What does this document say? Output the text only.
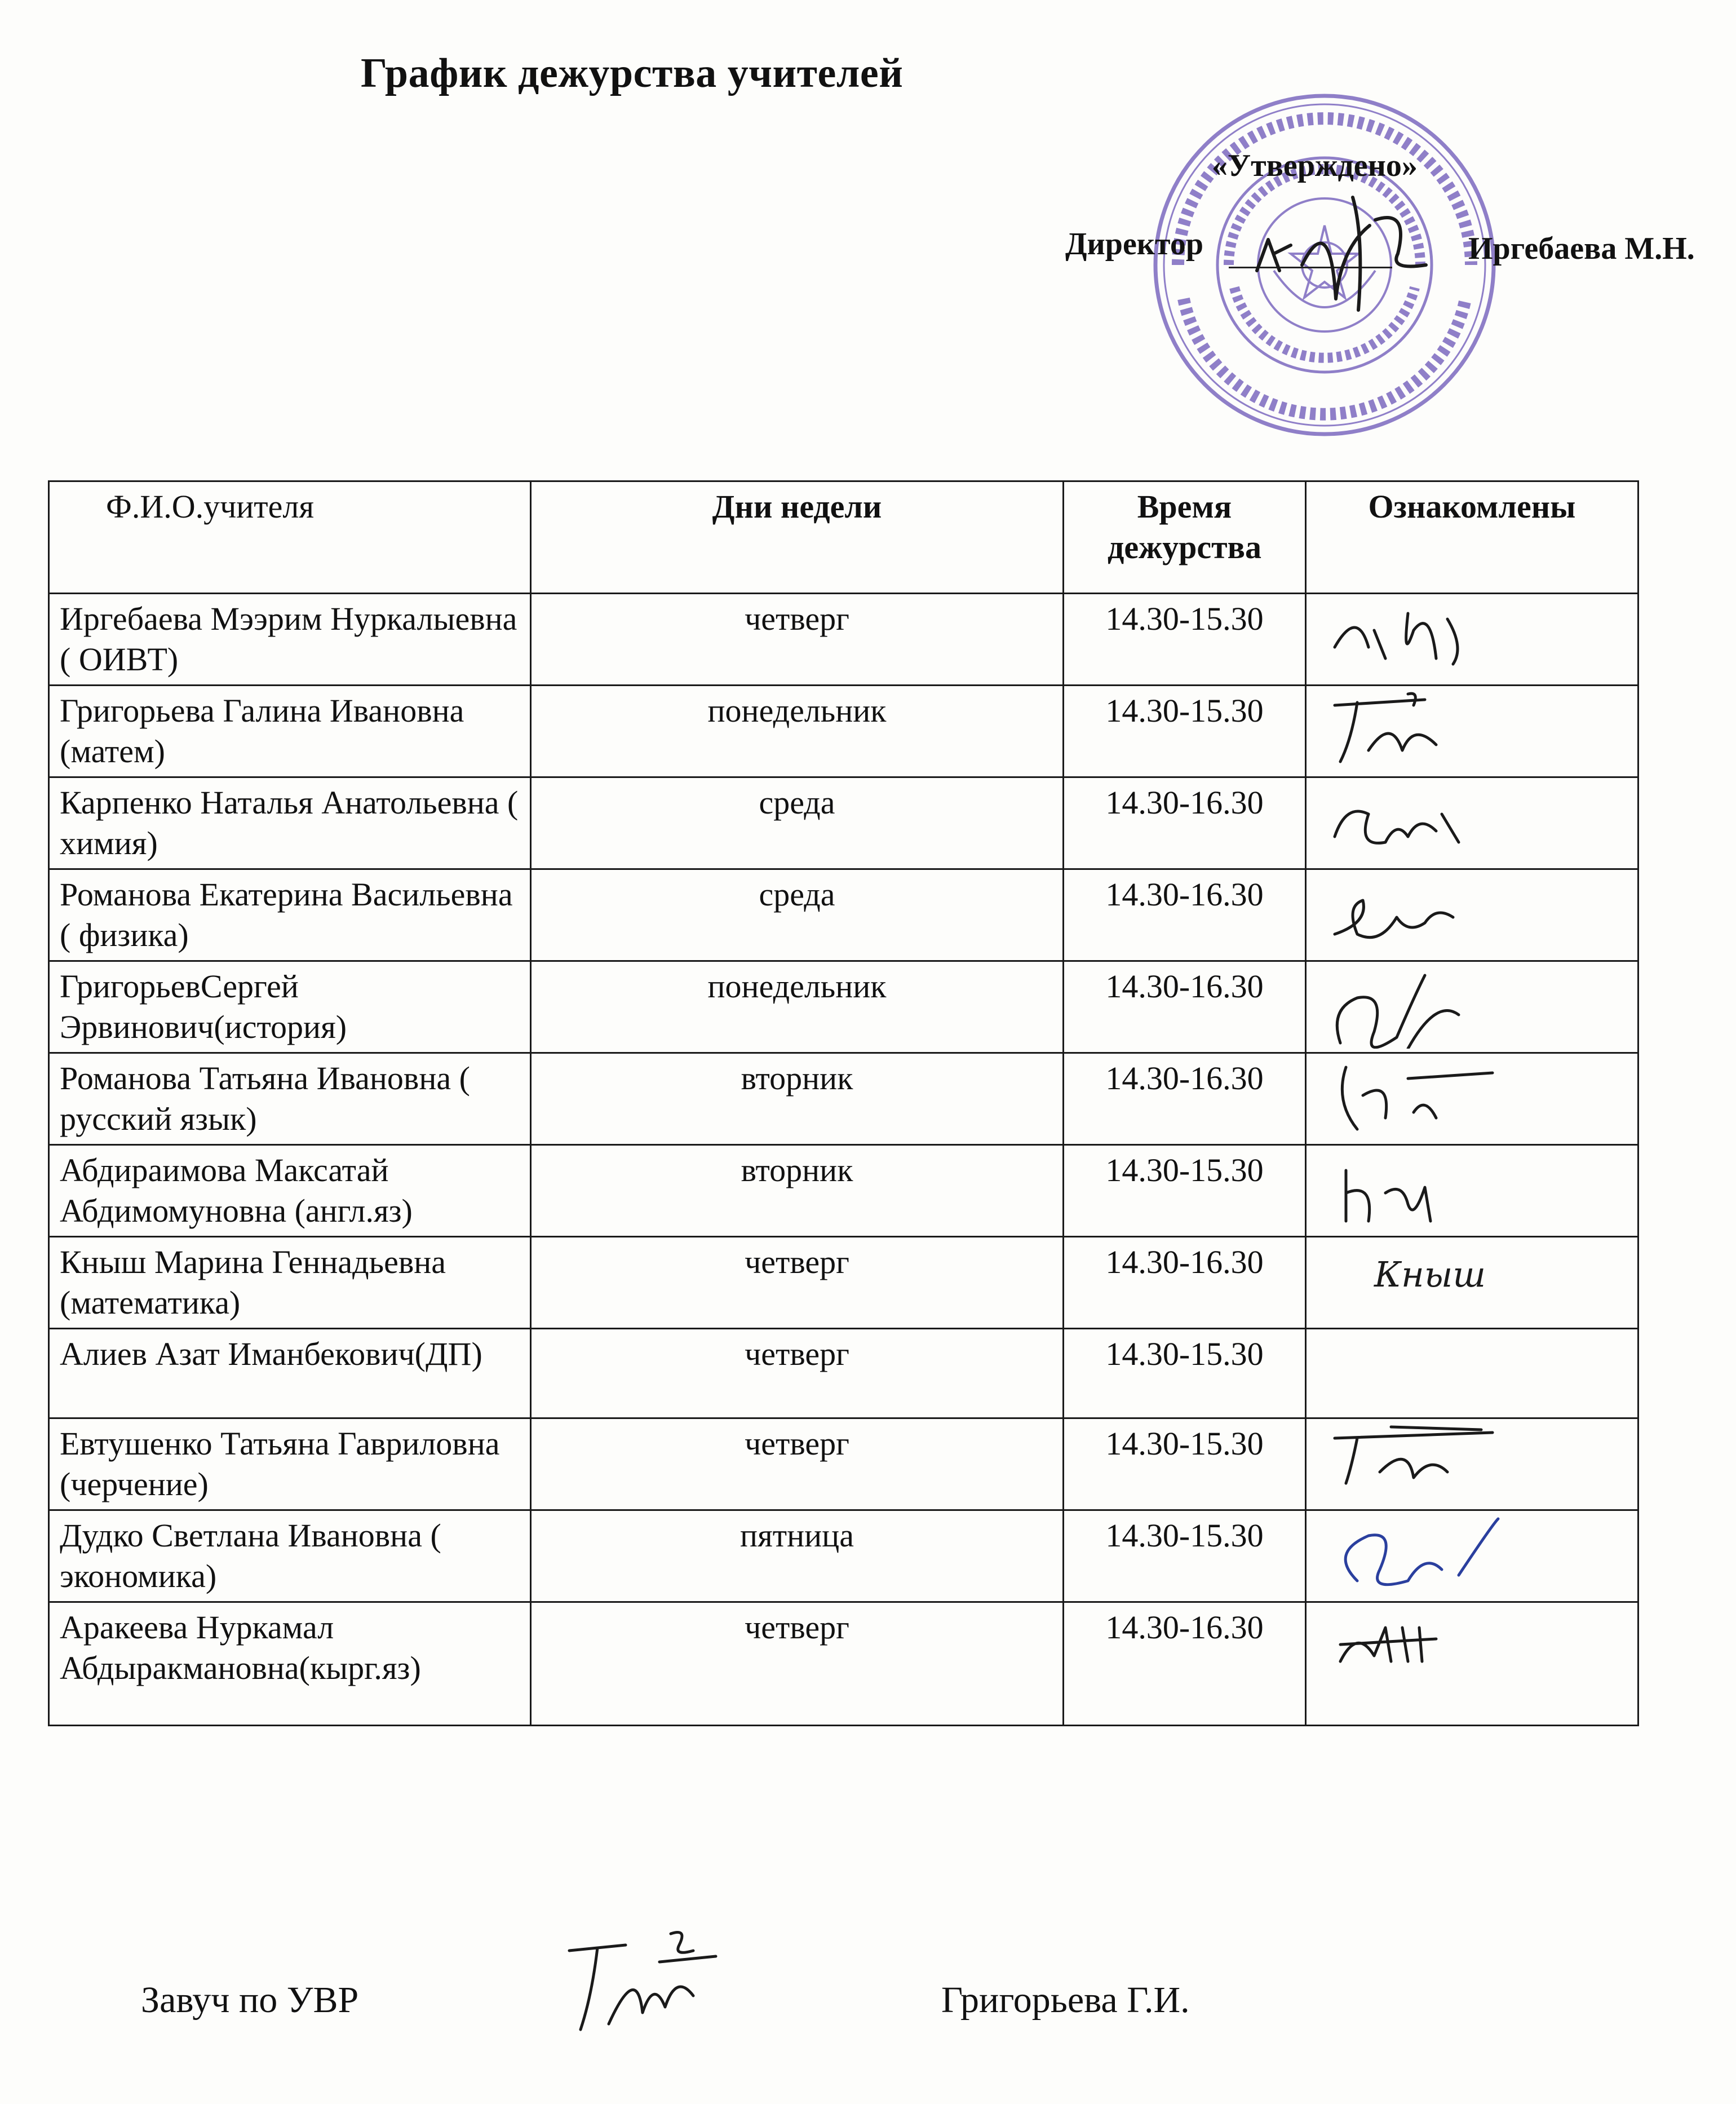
График дежурства учителей
«Утверждено»
Директор	Иргебаева М.Н.
Ф.И.О.учителя	Дни недели	Время дежурства	Ознакомлены
Иргебаева Мээрим Нуркалыевна ( ОИВТ)	четверг	14.30-15.30	

Григорьева Галина Ивановна (матем)	понедельник	14.30-15.30	

Карпенко Наталья Анатольевна ( химия)	среда	14.30-16.30	

Романова Екатерина Васильевна ( физика)	среда	14.30-16.30	

ГригорьевСергей Эрвинович(история)	понедельник	14.30-16.30	

Романова Татьяна Ивановна ( русский язык)	вторник	14.30-16.30	

Абдираимова Максатай Абдимомуновна (англ.яз)	вторник	14.30-15.30	

Кныш Марина Геннадьевна (математика)	четверг	14.30-16.30	Кныш

Алиев Азат Иманбекович(ДП)	четверг	14.30-15.30	
Евтушенко Татьяна Гавриловна (черчение)	четверг	14.30-15.30	

Дудко Светлана Ивановна ( экономика)	пятница	14.30-15.30	

Аракеева Нуркамал Абдыракмановна(кырг.яз)	четверг	14.30-16.30	
Завуч по УВР	Григорьева Г.И.
